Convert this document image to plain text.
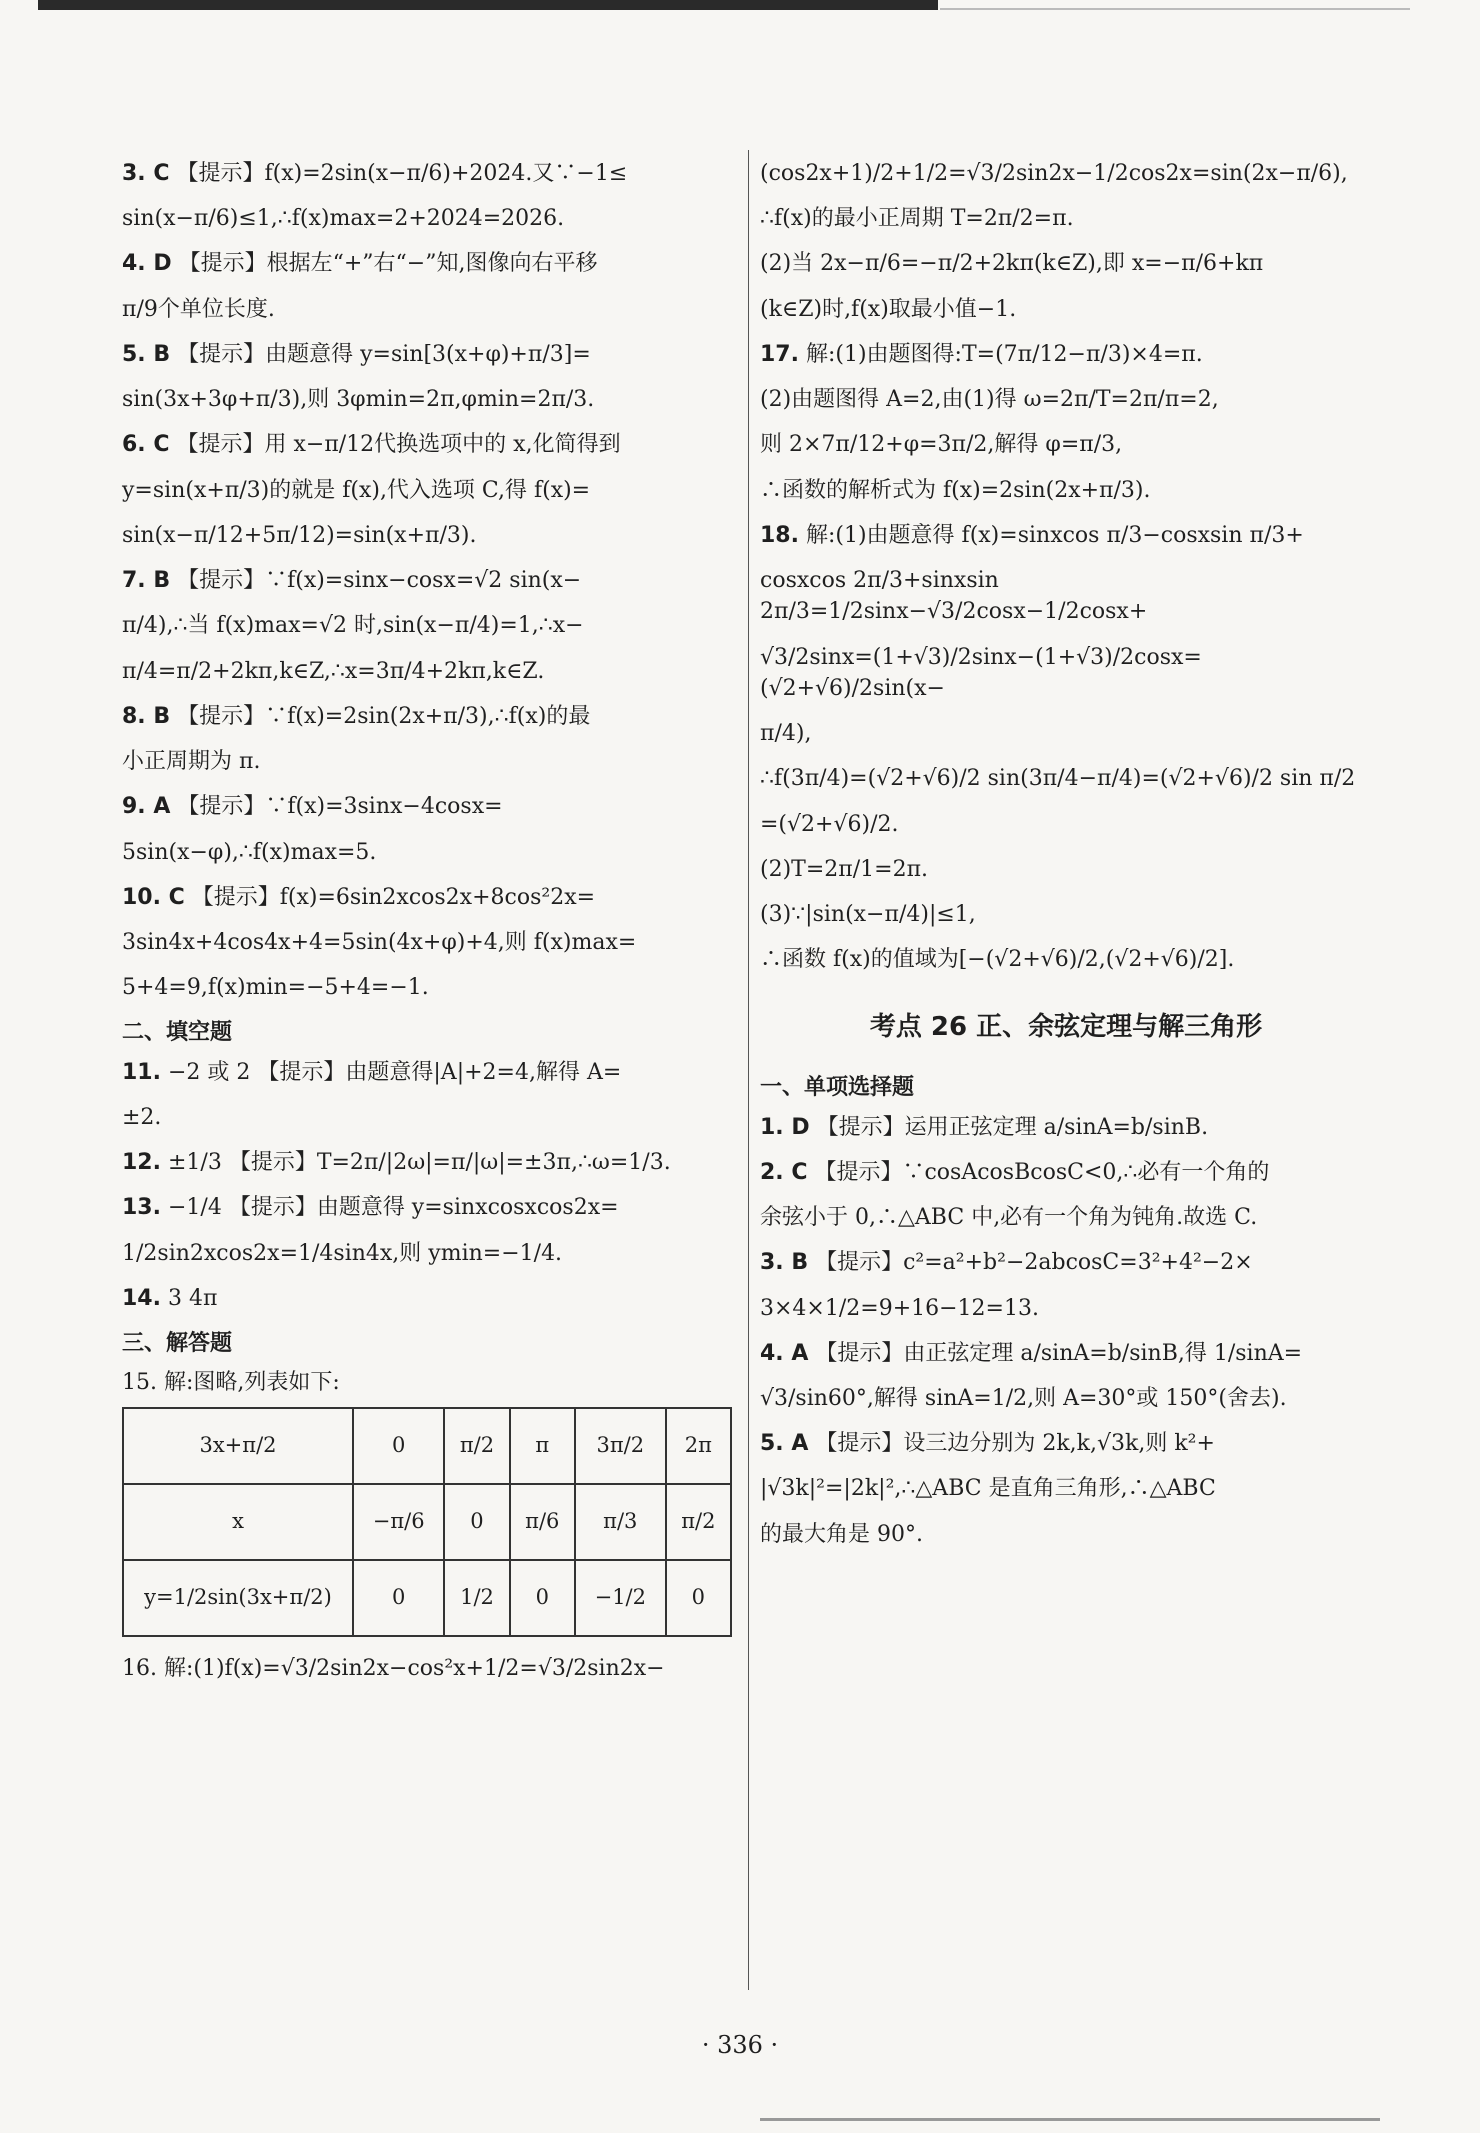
3. C 【提示】f(x)=2sin(x−π/6)+2024.又∵−1≤
sin(x−π/6)≤1,∴f(x)max=2+2024=2026.
4. D 【提示】根据左“+”右“−”知,图像向右平移
π/9个单位长度.
5. B 【提示】由题意得 y=sin[3(x+φ)+π/3]=
sin(3x+3φ+π/3),则 3φmin=2π,φmin=2π/3.
6. C 【提示】用 x−π/12代换选项中的 x,化简得到
y=sin(x+π/3)的就是 f(x),代入选项 C,得 f(x)=
sin(x−π/12+5π/12)=sin(x+π/3).
7. B 【提示】∵f(x)=sinx−cosx=√2 sin(x−
π/4),∴当 f(x)max=√2 时,sin(x−π/4)=1,∴x−
π/4=π/2+2kπ,k∈Z,∴x=3π/4+2kπ,k∈Z.
8. B 【提示】∵f(x)=2sin(2x+π/3),∴f(x)的最
小正周期为 π.
9. A 【提示】∵f(x)=3sinx−4cosx=
5sin(x−φ),∴f(x)max=5.
10. C 【提示】f(x)=6sin2xcos2x+8cos²2x=
3sin4x+4cos4x+4=5sin(4x+φ)+4,则 f(x)max=
5+4=9,f(x)min=−5+4=−1.
二、填空题
11. −2 或 2 【提示】由题意得|A|+2=4,解得 A=
±2.
12. ±1/3 【提示】T=2π/|2ω|=π/|ω|=±3π,∴ω=1/3.
13. −1/4 【提示】由题意得 y=sinxcosxcos2x=
1/2sin2xcos2x=1/4sin4x,则 ymin=−1/4.
14. 3 4π
三、解答题
15. 解:图略,列表如下:
3x+π/2	0	π/2	π	3π/2	2π
x	−π/6	0	π/6	π/3	π/2
y=1/2sin(3x+π/2)	0	1/2	0	−1/2	0
16. 解:(1)f(x)=√3/2sin2x−cos²x+1/2=√3/2sin2x−
(cos2x+1)/2+1/2=√3/2sin2x−1/2cos2x=sin(2x−π/6),
∴f(x)的最小正周期 T=2π/2=π.
(2)当 2x−π/6=−π/2+2kπ(k∈Z),即 x=−π/6+kπ
(k∈Z)时,f(x)取最小值−1.
17. 解:(1)由题图得:T=(7π/12−π/3)×4=π.
(2)由题图得 A=2,由(1)得 ω=2π/T=2π/π=2,
则 2×7π/12+φ=3π/2,解得 φ=π/3,
∴函数的解析式为 f(x)=2sin(2x+π/3).
18. 解:(1)由题意得 f(x)=sinxcos π/3−cosxsin π/3+
cosxcos 2π/3+sinxsin 2π/3=1/2sinx−√3/2cosx−1/2cosx+
√3/2sinx=(1+√3)/2sinx−(1+√3)/2cosx=(√2+√6)/2sin(x−
π/4),
∴f(3π/4)=(√2+√6)/2 sin(3π/4−π/4)=(√2+√6)/2 sin π/2
=(√2+√6)/2.
(2)T=2π/1=2π.
(3)∵|sin(x−π/4)|≤1,
∴函数 f(x)的值域为[−(√2+√6)/2,(√2+√6)/2].
考点 26 正、余弦定理与解三角形
一、单项选择题
1. D 【提示】运用正弦定理 a/sinA=b/sinB.
2. C 【提示】∵cosAcosBcosC<0,∴必有一个角的
余弦小于 0,∴△ABC 中,必有一个角为钝角.故选 C.
3. B 【提示】c²=a²+b²−2abcosC=3²+4²−2×
3×4×1/2=9+16−12=13.
4. A 【提示】由正弦定理 a/sinA=b/sinB,得 1/sinA=
√3/sin60°,解得 sinA=1/2,则 A=30°或 150°(舍去).
5. A 【提示】设三边分别为 2k,k,√3k,则 k²+
|√3k|²=|2k|²,∴△ABC 是直角三角形,∴△ABC
的最大角是 90°.
· 336 ·
